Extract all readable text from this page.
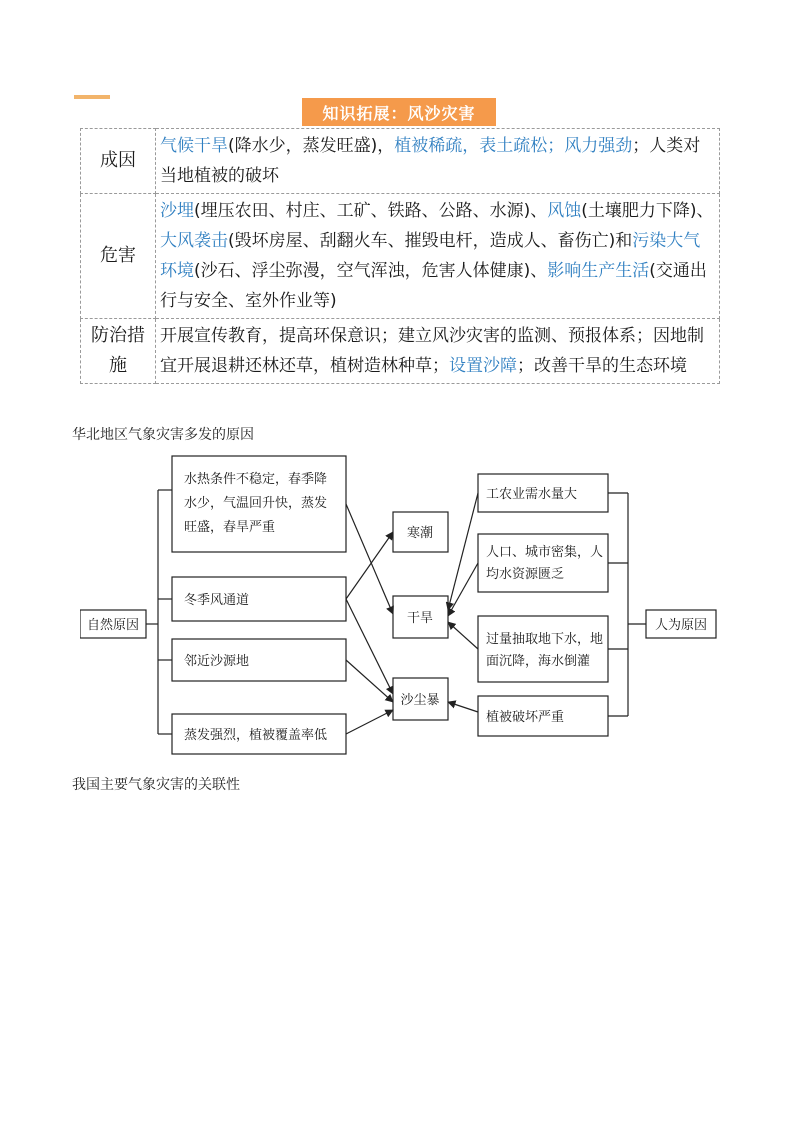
知识拓展：风沙灾害
成因	气候干旱(降水少，蒸发旺盛)，植被稀疏，表土疏松；风力强劲；人类对当地植被的破坏
危害	沙埋(埋压农田、村庄、工矿、铁路、公路、水源)、风蚀(土壤肥力下降)、大风袭击(毁坏房屋、刮翻火车、摧毁电杆，造成人、畜伤亡)和污染大气环境(沙石、浮尘弥漫，空气浑浊，危害人体健康)、影响生产生活(交通出行与安全、室外作业等)
防治措施	开展宣传教育，提高环保意识；建立风沙灾害的监测、预报体系；因地制宜开展退耕还林还草，植树造林种草；设置沙障；改善干旱的生态环境
华北地区气象灾害多发的原因
自然原因	人为原因
水热条件不稳定，春季降
水少，气温回升快，蒸发
旺盛，春旱严重
冬季风通道
邻近沙源地
蒸发强烈，植被覆盖率低
寒潮
干旱
沙尘暴
工农业需水量大
人口、城市密集，人
均水资源匮乏
过量抽取地下水，地
面沉降，海水倒灌
植被破坏严重
我国主要气象灾害的关联性
